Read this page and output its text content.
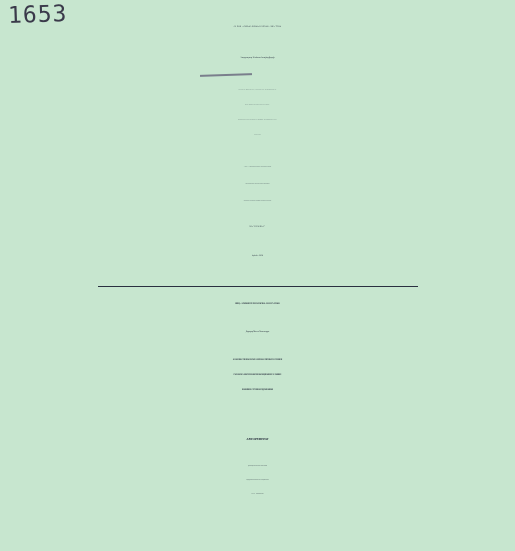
1653	ՀՀ ԳԱԱ «ՀԱՅԿԵՆՍԱՏԵԽՆՈԼՈԳԻԱ» ԳԱԿ ՊՈԱԿ
Դարյադար Մահսա Խալեղվերդի
Գ.00.14- «Կենսատեխնոլոգիա» մասնագիտությամբ
կենսաբանական գիտությունների թեկնածուի
գիտական աստիճանի հայցման ատենախոսության
ՍԵՂՄԱԳԻՐ
Երևան - 2016
НПЦ «АРМБИОТЕХНОЛОГИЯ» НАН РА ГНКО
Дарядар Магса Халегверди
ОСОБЕННОСТИ НЕКОТОРЫХ ЭФИРОМАСЛИЧНЫХ РАСТЕНИЙ И
РАЗРАБОТКА БИОТЕХНОЛОГИИ ВЫРАЩИВАНИЯ В УСЛОВИЯХ
НОВЕЙШЕЙ СТРУЙНОЙ ГИДРОПОНИКИ
АВТОРЕФЕРАТ
диссертации на соискание ученой степени
кандидата биологических наук по специальности
03.00.14 – «Биотехнология»
